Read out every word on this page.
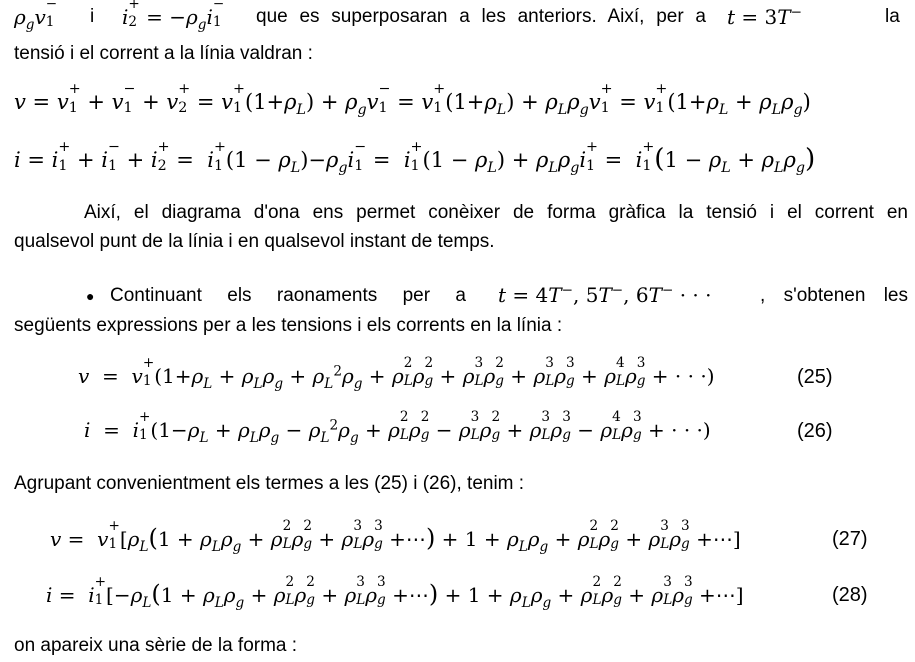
$\rho_gv-$
1 i i+
$2 = -\rho_gi-$
1 que es superposaran a les anteriors. Així, per a t = 3T−	la
tensió i el corrent a la línia valdran :
v = v+
1 + v−
1 + v+
2 = v+
1 $(1+\rho_L) + \rho_gv-$
1 = v+
1 $(1+\rho_L) + \rho_L\rho_gv+$
1 = v+
1 $(1+\rho_L + \rho_L\rho_g)$
i = i+
1 + i−
1 + i+
2 =  i+
1 $(1 - \rho_L)-\rho_gi-$
1 =  i+
1 $(1 - \rho_L) + \rho_L\rho_gi+$
1 =  i+
1 $(1 - \rho_L + \rho_L\rho_g)$
Així, el diagrama d'ona ens permet conèixer de forma gràfica la tensió i el corrent en
qualsevol punt de la línia i en qualsevol instant de temps.
● Continuant els raonaments per a t = 4T−, 5T−, 6T− · · ·	, s'obtenen les
següents expressions per a les tensions i els corrents en la línia :
v  =  v+
1 ($1+\rho_L + \rho_L\rho_g + \rho_L^2\rho_g + \rho 2$
Lρ2
g + ρ3
Lρ2
g + ρ3
Lρ3
g + ρ4
Lρ3
g + · · ·)	(25)
i  =  i+
1 ($1-\rho_L + \rho_L\rho_g - \rho_L^2\rho_g + \rho 2$
Lρ2
g − ρ3
Lρ2
g + ρ3
Lρ3
g − ρ4
Lρ3
g + · · ·)	(26)
Agrupant convenientment els termes a les (25) i (26), tenim :
v =  v+
1 [$\rho_L(1 + \rho_L\rho_g + \rho 2$
Lρ2
g + ρ3
Lρ3
g +⋯) + $1 + \rho_L\rho_g + \rho 2$
Lρ2
g + ρ3
Lρ3
g +⋯]	(27)
i =  i+
1 [$-\rho_L(1 + \rho_L\rho_g + \rho 2$
Lρ2
g + ρ3
Lρ3
g +⋯) + $1 + \rho_L\rho_g + \rho 2$
Lρ2
g + ρ3
Lρ3
g +⋯]	(28)
on apareix una sèrie de la forma :
